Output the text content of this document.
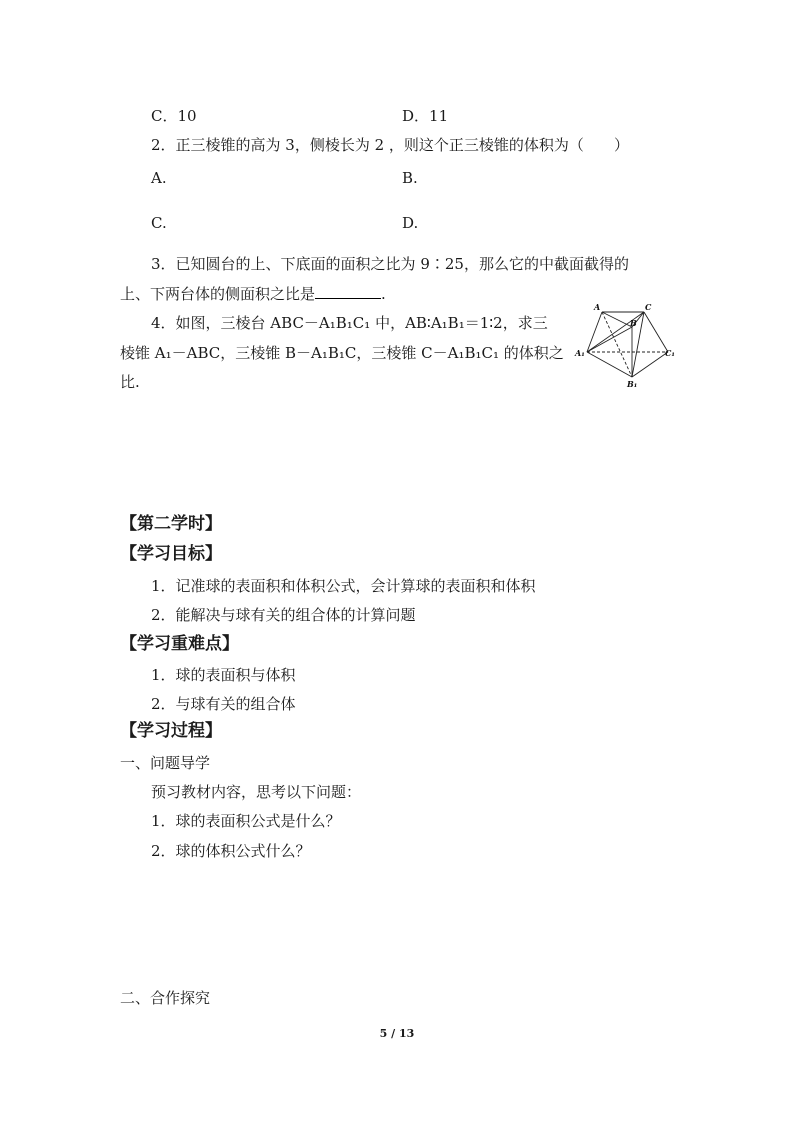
C．10	D．11
2．正三棱锥的高为 3，侧棱长为 2 ，则这个正三棱锥的体积为（　　）
A.	B.
C.	D.
3．已知圆台的上、下底面的面积之比为 9∶25，那么它的中截面截得的
上、下两台体的侧面积之比是	.
4．如图，三棱台 ABC－A₁B₁C₁ 中，AB∶A₁B₁＝1∶2，求三
棱锥 A₁－ABC，三棱锥 B－A₁B₁C，三棱锥 C－A₁B₁C₁ 的体积之
比.
A	C
B
A₁	C₁
B₁
【第二学时】
【学习目标】
1．记准球的表面积和体积公式，会计算球的表面积和体积
2．能解决与球有关的组合体的计算问题
【学习重难点】
1．球的表面积与体积
2．与球有关的组合体
【学习过程】
一、问题导学
预习教材内容，思考以下问题：
1．球的表面积公式是什么？
2．球的体积公式什么？
二、合作探究
5 / 13
